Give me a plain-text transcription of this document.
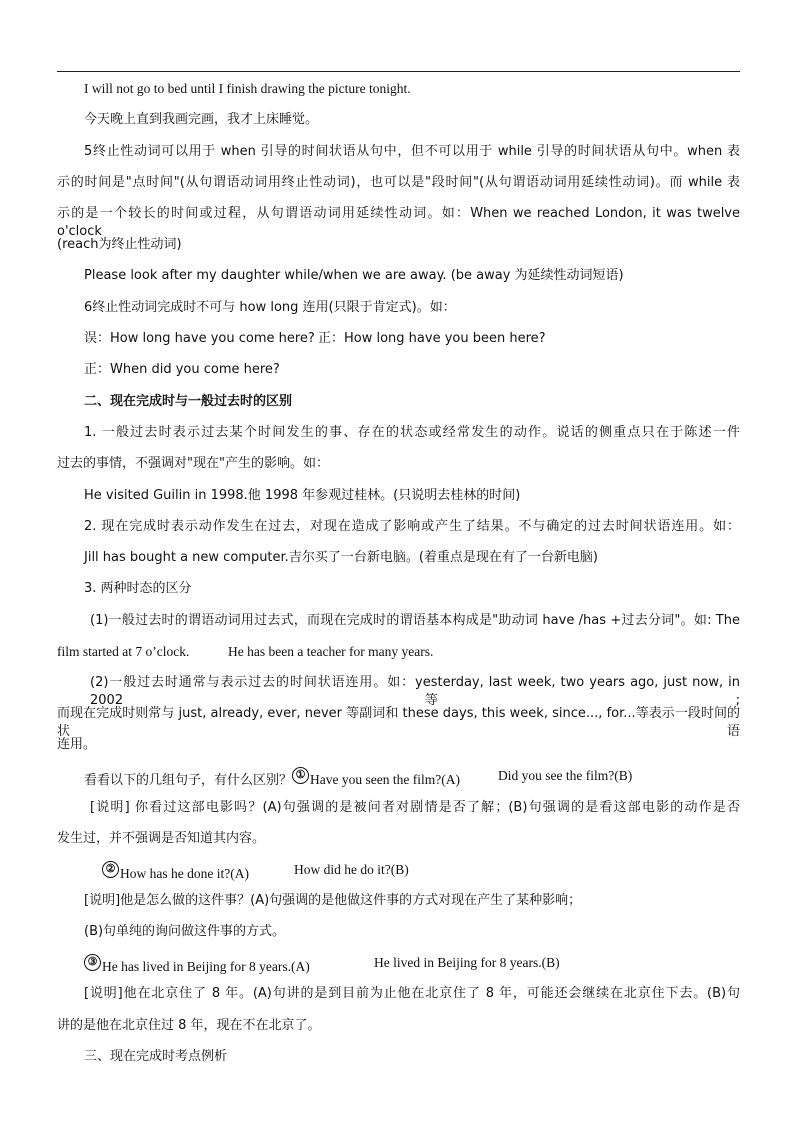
I will not go to bed until I finish drawing the picture tonight.
今天晚上直到我画完画，我才上床睡觉。
5终止性动词可以用于 when 引导的时间状语从句中，但不可以用于 while 引导的时间状语从句中。when 表
示的时间是"点时间"(从句谓语动词用终止性动词)，也可以是"段时间"(从句谓语动词用延续性动词)。而 while 表
示的是一个较长的时间或过程，从句谓语动词用延续性动词。如：When we reached London, it was twelve o'clock
(reach为终止性动词)
Please look after my daughter while/when we are away. (be away 为延续性动词短语)
6终止性动词完成时不可与 how long 连用(只限于肯定式)。如：
误：How long have you come here? 正：How long have you been here?
正：When did you come here?
二、现在完成时与一般过去时的区别
1. 一般过去时表示过去某个时间发生的事、存在的状态或经常发生的动作。说话的侧重点只在于陈述一件
过去的事情，不强调对"现在"产生的影响。如：
He visited Guilin in 1998.他 1998 年参观过桂林。(只说明去桂林的时间)
2. 现在完成时表示动作发生在过去，对现在造成了影响或产生了结果。不与确定的过去时间状语连用。如：
Jill has bought a new computer.吉尔买了一台新电脑。(着重点是现在有了一台新电脑)
3. 两种时态的区分
(1)一般过去时的谓语动词用过去式，而现在完成时的谓语基本构成是"助动词 have /has +过去分词"。如: The
film started at 7 o’clock.	He has been a teacher for many years.
(2)一般过去时通常与表示过去的时间状语连用。如：yesterday, last week, two years ago, just now, in 2002 等;
而现在完成时则常与 just, already, ever, never 等副词和 these days, this week, since..., for...等表示一段时间的状语
连用。
看看以下的几组句子，有什么区别？ ① Have you seen the film?(A)	Did you see the film?(B)
[说明] 你看过这部电影吗？(A)句强调的是被问者对剧情是否了解；(B)句强调的是看这部电影的动作是否
发生过，并不强调是否知道其内容。
② How has he done it?(A)	How did he do it?(B)
[说明]他是怎么做的这件事？(A)句强调的是他做这件事的方式对现在产生了某种影响；
(B)句单纯的询问做这件事的方式。
③ He has lived in Beijing for 8 years.(A)	He lived in Beijing for 8 years.(B)
[说明]他在北京住了 8 年。(A)句讲的是到目前为止他在北京住了 8 年，可能还会继续在北京住下去。(B)句
讲的是他在北京住过 8 年，现在不在北京了。
三、现在完成时考点例析
